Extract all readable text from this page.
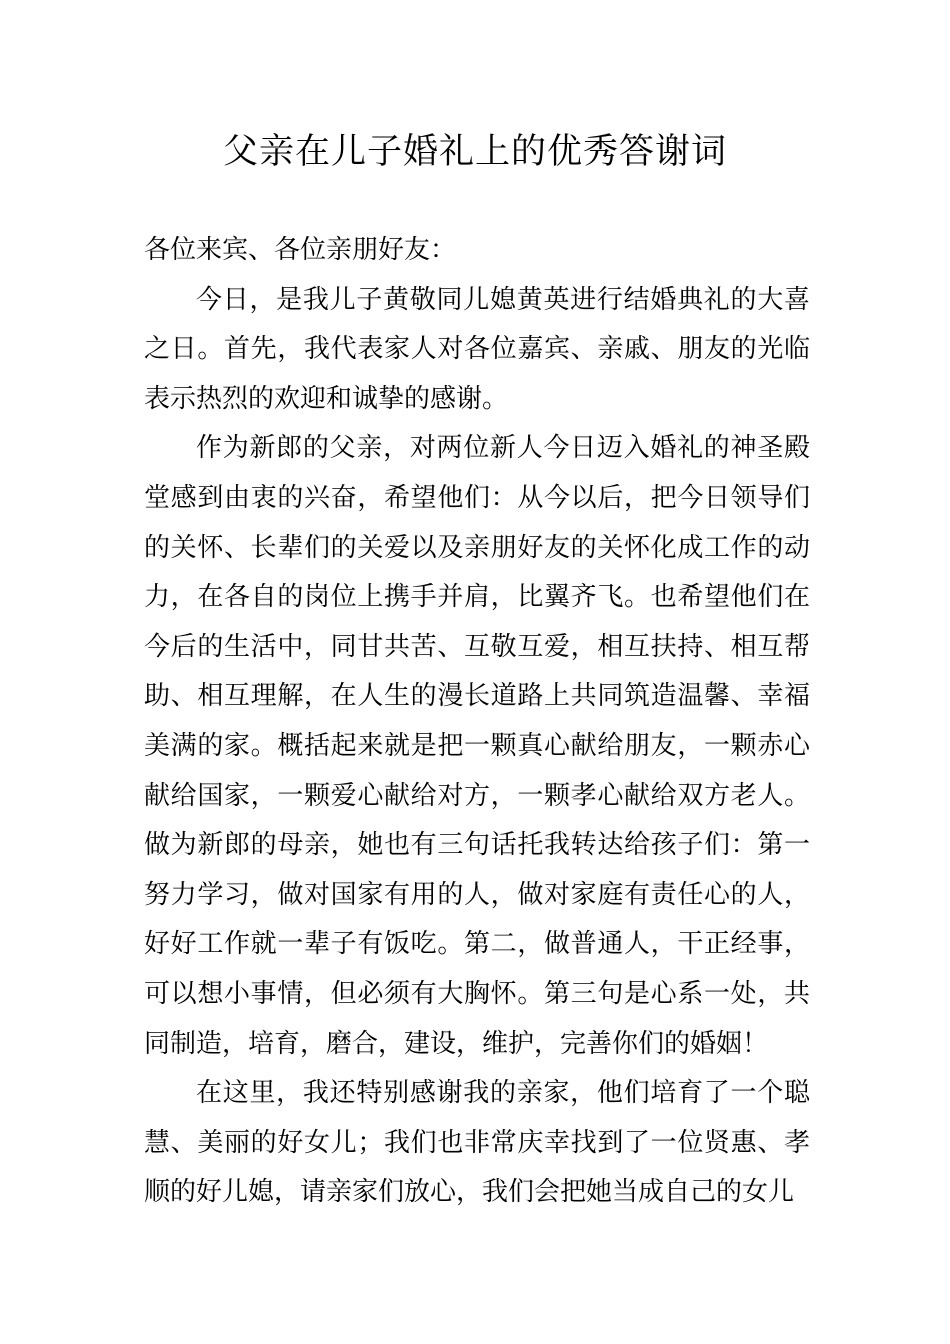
父亲在儿子婚礼上的优秀答谢词

各位来宾、各位亲朋好友：

今日，是我儿子黄敬同儿媳黄英进行结婚典礼的大喜之日。首先，我代表家人对各位嘉宾、亲戚、朋友的光临表示热烈的欢迎和诚挚的感谢。

作为新郎的父亲，对两位新人今日迈入婚礼的神圣殿堂感到由衷的兴奋，希望他们：从今以后，把今日领导们的关怀、长辈们的关爱以及亲朋好友的关怀化成工作的动力，在各自的岗位上携手并肩，比翼齐飞。也希望他们在今后的生活中，同甘共苦、互敬互爱，相互扶持、相互帮助、相互理解，在人生的漫长道路上共同筑造温馨、幸福美满的家。概括起来就是把一颗真心献给朋友，一颗赤心献给国家，一颗爱心献给对方，一颗孝心献给双方老人。做为新郎的母亲，她也有三句话托我转达给孩子们：第一努力学习，做对国家有用的人，做对家庭有责任心的人，好好工作就一辈子有饭吃。第二，做普通人，干正经事，可以想小事情，但必须有大胸怀。第三句是心系一处，共同制造，培育，磨合，建设，维护，完善你们的婚姻！

在这里，我还特别感谢我的亲家，他们培育了一个聪慧、美丽的好女儿；我们也非常庆幸找到了一位贤惠、孝顺的好儿媳，请亲家们放心，我们会把她当成自己的女儿
